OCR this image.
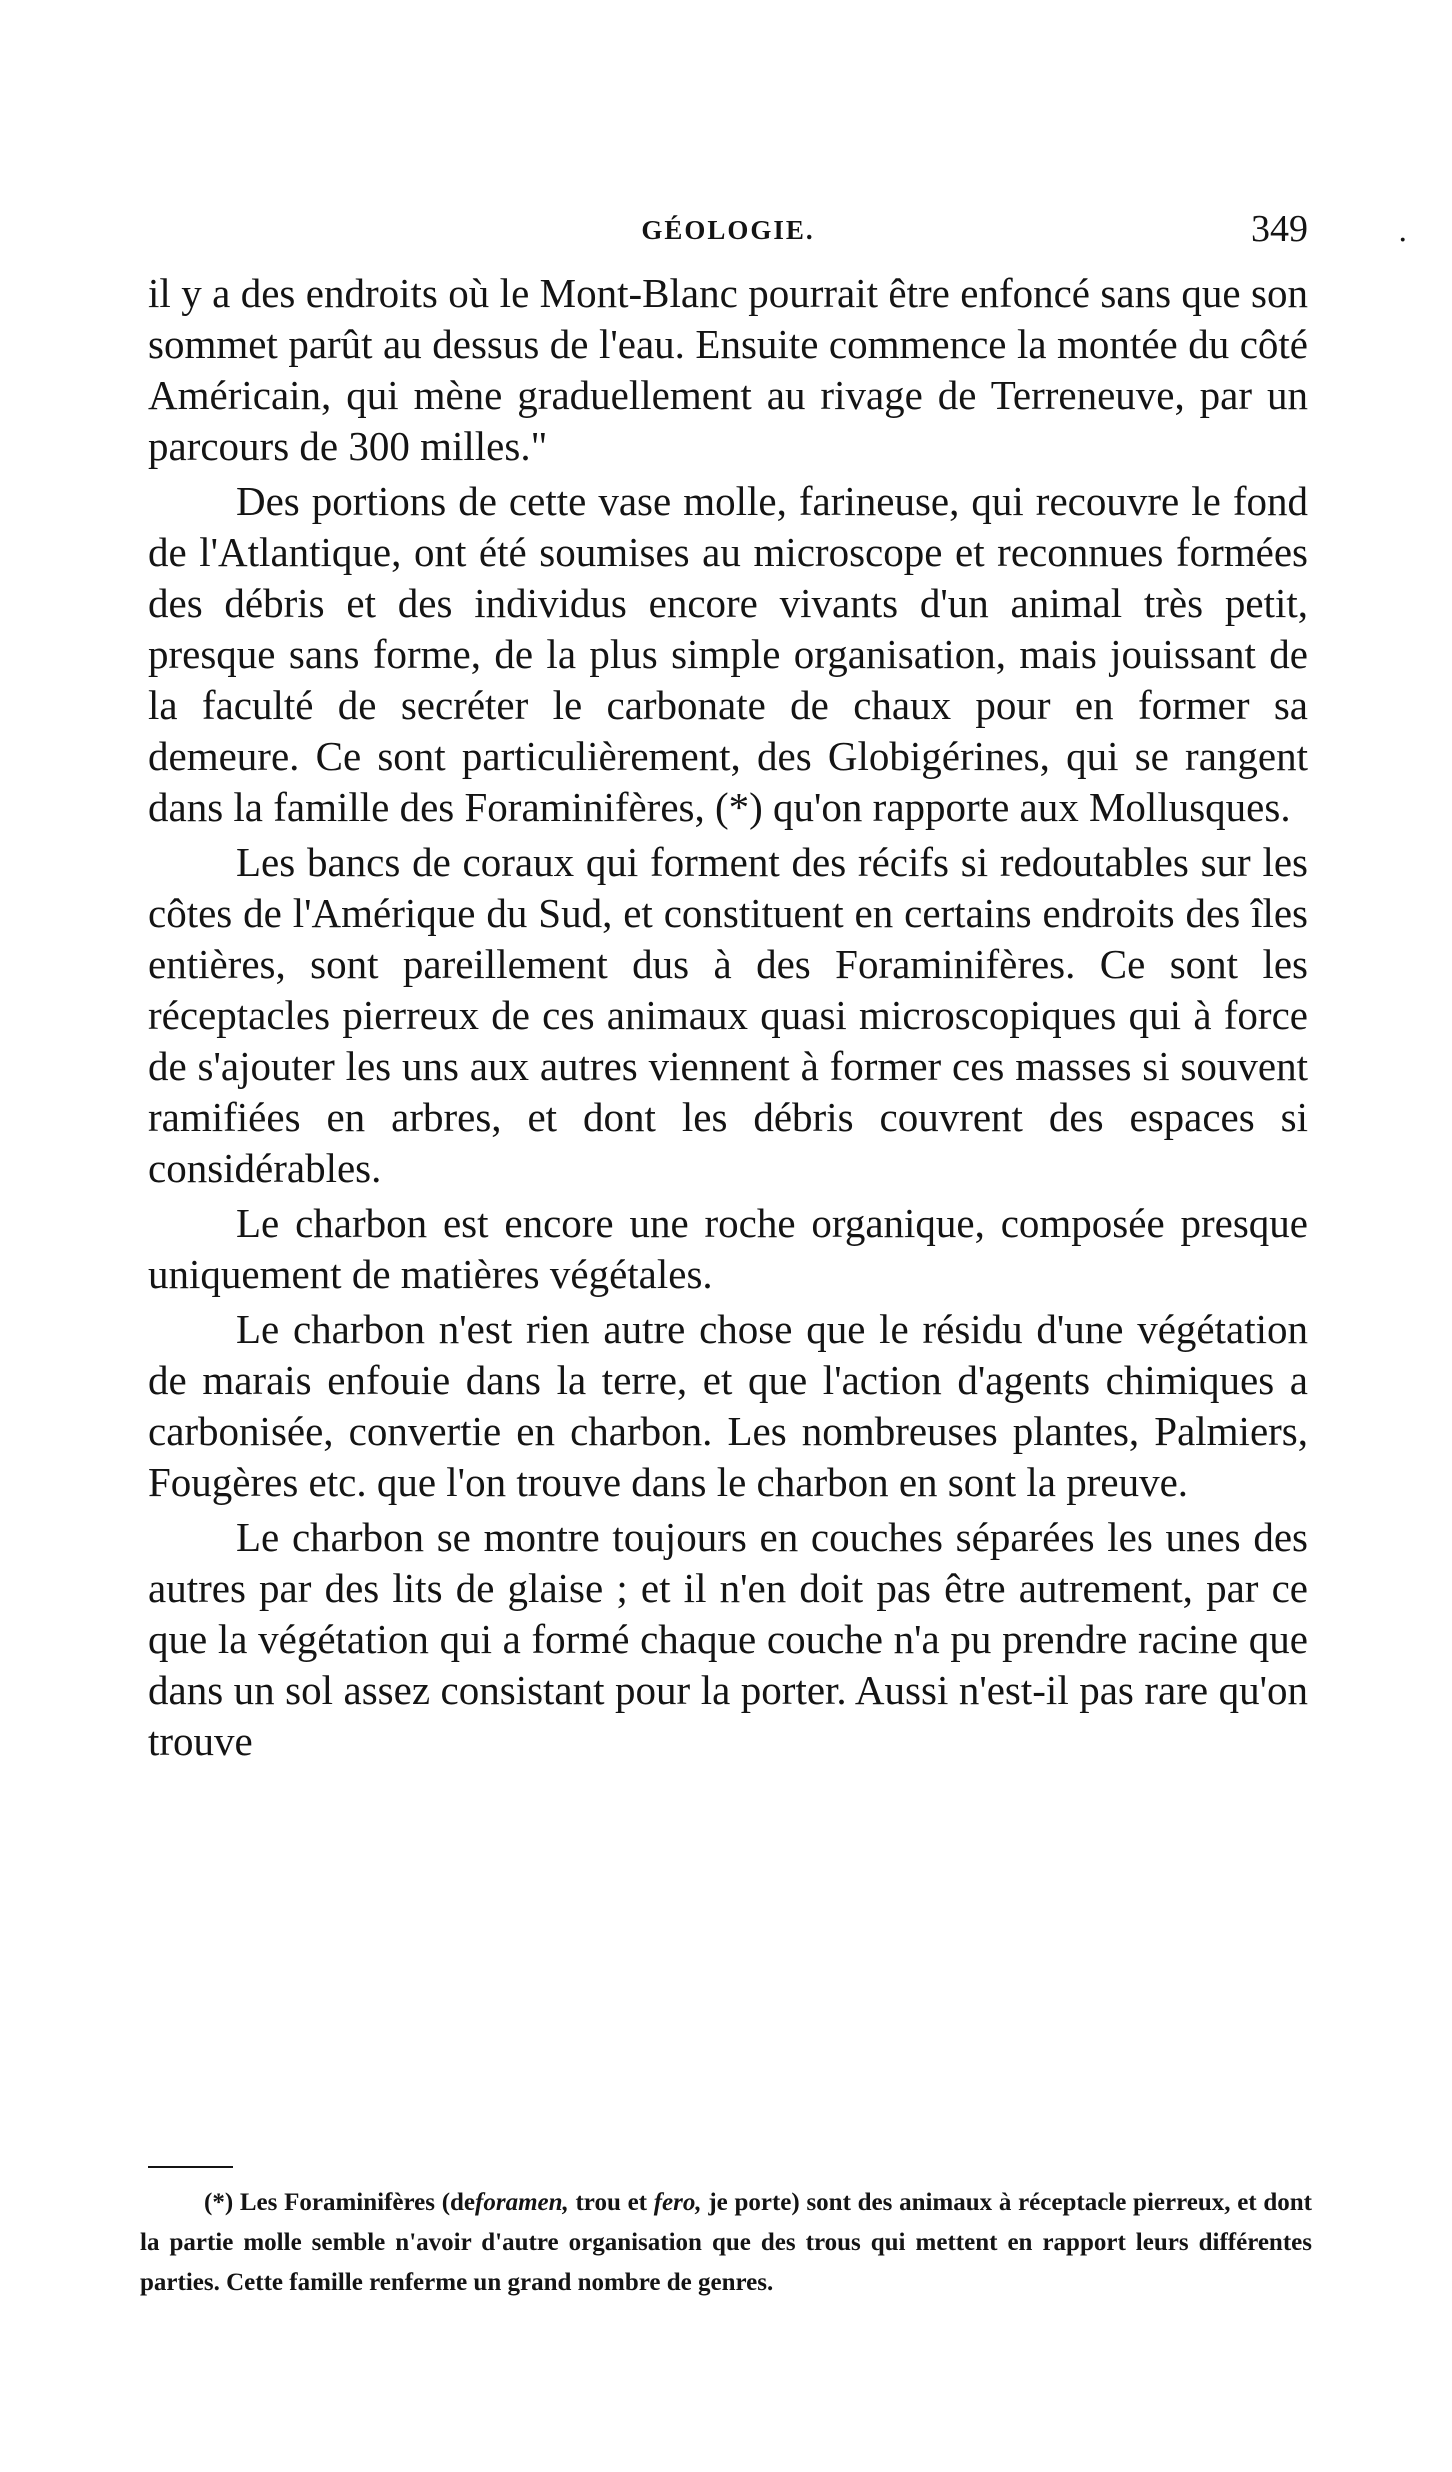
GÉOLOGIE.	349	·

il y a des endroits où le Mont-Blanc pourrait être enfoncé sans que son sommet parût au dessus de l'eau. Ensuite commence la montée du côté Américain, qui mène graduellement au rivage de Terreneuve, par un parcours de 300 milles."

Des portions de cette vase molle, farineuse, qui recouvre le fond de l'Atlantique, ont été soumises au microscope et reconnues formées des débris et des individus encore vivants d'un animal très petit, presque sans forme, de la plus simple organisation, mais jouissant de la faculté de secréter le carbonate de chaux pour en former sa demeure. Ce sont particulièrement, des Globigérines, qui se rangent dans la famille des Foraminifères, (*) qu'on rapporte aux Mollusques.

Les bancs de coraux qui forment des récifs si redoutables sur les côtes de l'Amérique du Sud, et constituent en certains endroits des îles entières, sont pareillement dus à des Foraminifères. Ce sont les réceptacles pierreux de ces animaux quasi microscopiques qui à force de s'ajouter les uns aux autres viennent à former ces masses si souvent ramifiées en arbres, et dont les débris couvrent des espaces si considérables.

Le charbon est encore une roche organique, composée presque uniquement de matières végétales.

Le charbon n'est rien autre chose que le résidu d'une végétation de marais enfouie dans la terre, et que l'action d'agents chimiques a carbonisée, convertie en charbon. Les nombreuses plantes, Palmiers, Fougères etc. que l'on trouve dans le charbon en sont la preuve.

Le charbon se montre toujours en couches séparées les unes des autres par des lits de glaise ; et il n'en doit pas être autrement, par ce que la végétation qui a formé chaque couche n'a pu prendre racine que dans un sol assez consistant pour la porter. Aussi n'est-il pas rare qu'on trouve

(*) Les Foraminifères (deforamen, trou et fero, je porte) sont des animaux à réceptacle pierreux, et dont la partie molle semble n'avoir d'autre organisation que des trous qui mettent en rapport leurs différentes parties. Cette famille renferme un grand nombre de genres.
